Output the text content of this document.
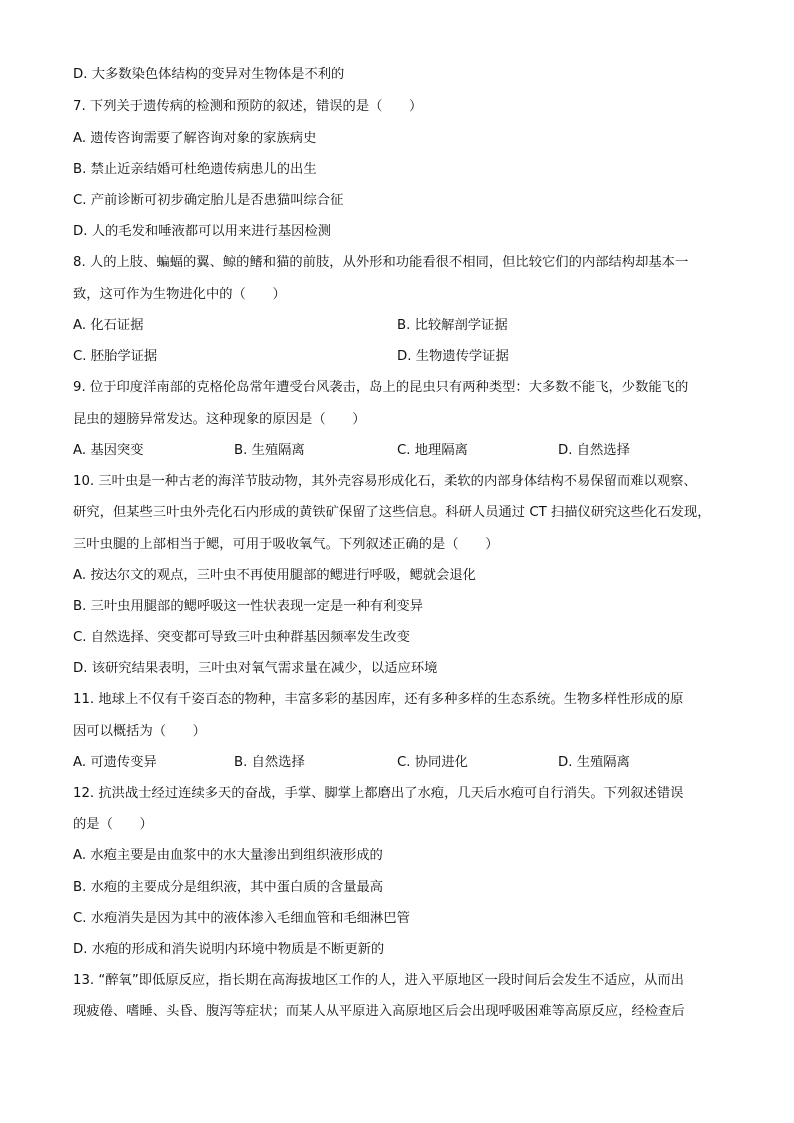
D. 大多数染色体结构的变异对生物体是不利的
7. 下列关于遗传病的检测和预防的叙述，错误的是（　　）
A. 遗传咨询需要了解咨询对象的家族病史
B. 禁止近亲结婚可杜绝遗传病患儿的出生
C. 产前诊断可初步确定胎儿是否患猫叫综合征
D. 人的毛发和唾液都可以用来进行基因检测
8. 人的上肢、蝙蝠的翼、鲸的鳍和猫的前肢，从外形和功能看很不相同，但比较它们的内部结构却基本一
致，这可作为生物进化中的（　　）
A. 化石证据	B. 比较解剖学证据
C. 胚胎学证据	D. 生物遗传学证据
9. 位于印度洋南部的克格伦岛常年遭受台风袭击，岛上的昆虫只有两种类型：大多数不能飞，少数能飞的
昆虫的翅膀异常发达。这种现象的原因是（　　）
A. 基因突变	B. 生殖隔离	C. 地理隔离	D. 自然选择
10. 三叶虫是一种古老的海洋节肢动物，其外壳容易形成化石，柔软的内部身体结构不易保留而难以观察、
研究，但某些三叶虫外壳化石内形成的黄铁矿保留了这些信息。科研人员通过 CT 扫描仪研究这些化石发现，
三叶虫腿的上部相当于鳃，可用于吸收氧气。下列叙述正确的是（　　）
A. 按达尔文的观点，三叶虫不再使用腿部的鳃进行呼吸，鳃就会退化
B. 三叶虫用腿部的鳃呼吸这一性状表现一定是一种有利变异
C. 自然选择、突变都可导致三叶虫种群基因频率发生改变
D. 该研究结果表明，三叶虫对氧气需求量在减少，以适应环境
11. 地球上不仅有千姿百态的物种，丰富多彩的基因库，还有多种多样的生态系统。生物多样性形成的原
因可以概括为（　　）
A. 可遗传变异	B. 自然选择	C. 协同进化	D. 生殖隔离
12. 抗洪战士经过连续多天的奋战，手掌、脚掌上都磨出了水疱，几天后水疱可自行消失。下列叙述错误
的是（　　）
A. 水疱主要是由血浆中的水大量渗出到组织液形成的
B. 水疱的主要成分是组织液，其中蛋白质的含量最高
C. 水疱消失是因为其中的液体渗入毛细血管和毛细淋巴管
D. 水疱的形成和消失说明内环境中物质是不断更新的
13. “醉氧”即低原反应，指长期在高海拔地区工作的人，进入平原地区一段时间后会发生不适应，从而出
现疲倦、嗜睡、头昏、腹泻等症状；而某人从平原进入高原地区后会出现呼吸困难等高原反应，经检查后
